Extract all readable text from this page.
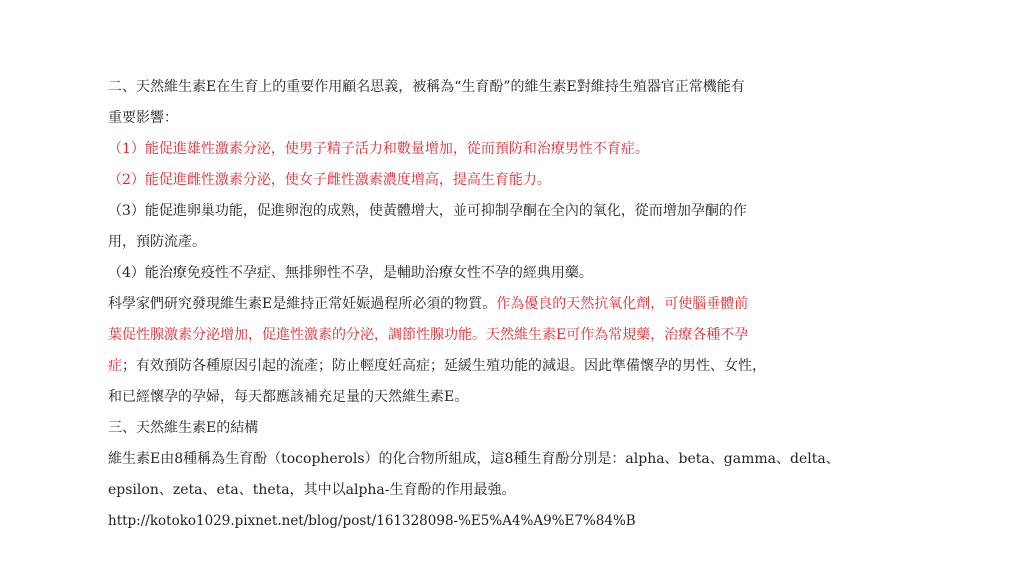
二、天然維生素E在生育上的重要作用顧名思義，被稱為“生育酚”的維生素E對維持生殖器官正常機能有
重要影響：
（1）能促進雄性激素分泌，使男子精子活力和數量增加，從而預防和治療男性不育症。
（2）能促進雌性激素分泌，使女子雌性激素濃度增高，提高生育能力。
（3）能促進卵巢功能，促進卵泡的成熟，使黃體增大，並可抑制孕酮在全內的氧化，從而增加孕酮的作
用，預防流產。
（4）能治療免疫性不孕症、無排卵性不孕，是輔助治療女性不孕的經典用藥。
科學家們研究發現維生素E是維持正常妊娠過程所必須的物質。 作為優良的天然抗氧化劑，可使腦垂體前
葉促性腺激素分泌增加，促進性激素的分泌，調節性腺功能。天然維生素E可作為常規藥，治療各種不孕
症 ；有效預防各種原因引起的流產；防止輕度妊高症；延緩生殖功能的減退。因此準備懷孕的男性、女性，
和已經懷孕的孕婦，每天都應該補充足量的天然維生素E。
三、天然維生素E的結構
維生素E由8種稱為生育酚（tocopherols）的化合物所組成，這8種生育酚分別是：alpha、beta、gamma、delta、
epsilon、zeta、eta、theta，其中以alpha-生育酚的作用最強。
http://kotoko1029.pixnet.net/blog/post/161328098-%E5%A4%A9%E7%84%B
